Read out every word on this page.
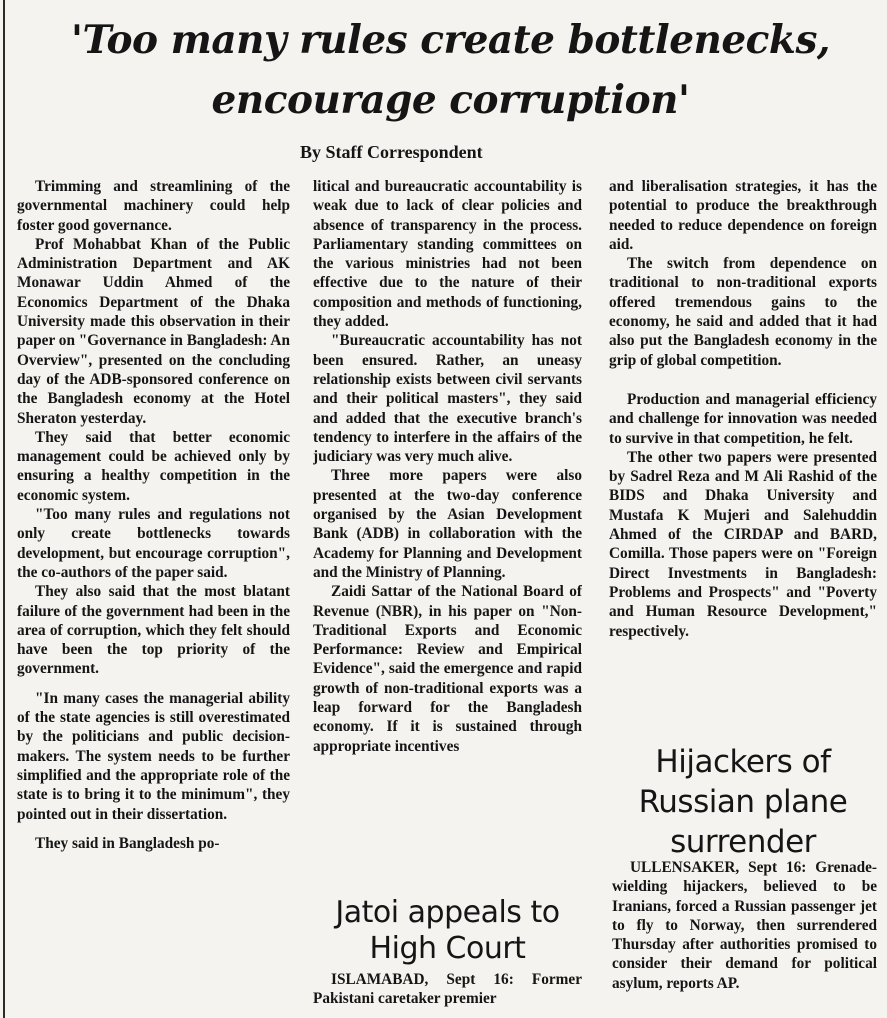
'Too many rules create bottlenecks,
encourage corruption'
By Staff Correspondent

Trimming and streamlining of the governmental machinery could help foster good governance.

Prof Mohabbat Khan of the Public Administration Department and AK Monawar Uddin Ahmed of the Economics Department of the Dhaka University made this observation in their paper on "Governance in Bangladesh: An Overview", presented on the concluding day of the ADB-sponsored conference on the Bangladesh economy at the Hotel Sheraton yesterday.

They said that better economic management could be achieved only by ensuring a healthy competition in the economic system.

"Too many rules and regulations not only create bottlenecks towards development, but encourage corruption", the co-authors of the paper said.

They also said that the most blatant failure of the government had been in the area of corruption, which they felt should have been the top priority of the government.

"In many cases the managerial ability of the state agencies is still overestimated by the politicians and public decision-makers. The system needs to be further simplified and the appropriate role of the state is to bring it to the minimum", they pointed out in their dissertation.

They said in Bangladesh po-

litical and bureaucratic accountability is weak due to lack of clear policies and absence of transparency in the process. Parliamentary standing committees on the various ministries had not been effective due to the nature of their composition and methods of functioning, they added.

"Bureaucratic accountability has not been ensured. Rather, an uneasy relationship exists between civil servants and their political masters", they said and added that the executive branch's tendency to interfere in the affairs of the judiciary was very much alive.

Three more papers were also presented at the two-day conference organised by the Asian Development Bank (ADB) in collaboration with the Academy for Planning and Development and the Ministry of Planning.

Zaidi Sattar of the National Board of Revenue (NBR), in his paper on "Non-Traditional Exports and Economic Performance: Review and Empirical Evidence", said the emergence and rapid growth of non-traditional exports was a leap forward for the Bangladesh economy. If it is sustained through appropriate incentives

and liberalisation strategies, it has the potential to produce the breakthrough needed to reduce dependence on foreign aid.

The switch from dependence on traditional to non-traditional exports offered tremendous gains to the economy, he said and added that it had also put the Bangladesh economy in the grip of global competition.

Production and managerial efficiency and challenge for innovation was needed to survive in that competition, he felt.

The other two papers were presented by Sadrel Reza and M Ali Rashid of the BIDS and Dhaka University and Mustafa K Mujeri and Salehuddin Ahmed of the CIRDAP and BARD, Comilla. Those papers were on "Foreign Direct Investments in Bangladesh: Problems and Prospects" and "Poverty and Human Resource Development," respectively.

Hijackers of
Russian plane
surrender

ULLENSAKER, Sept 16: Grenade-wielding hijackers, believed to be Iranians, forced a Russian passenger jet to fly to Norway, then surrendered Thursday after authorities promised to consider their demand for political asylum, reports AP.

Jatoi appeals to
High Court

ISLAMABAD, Sept 16: Former Pakistani caretaker premier
